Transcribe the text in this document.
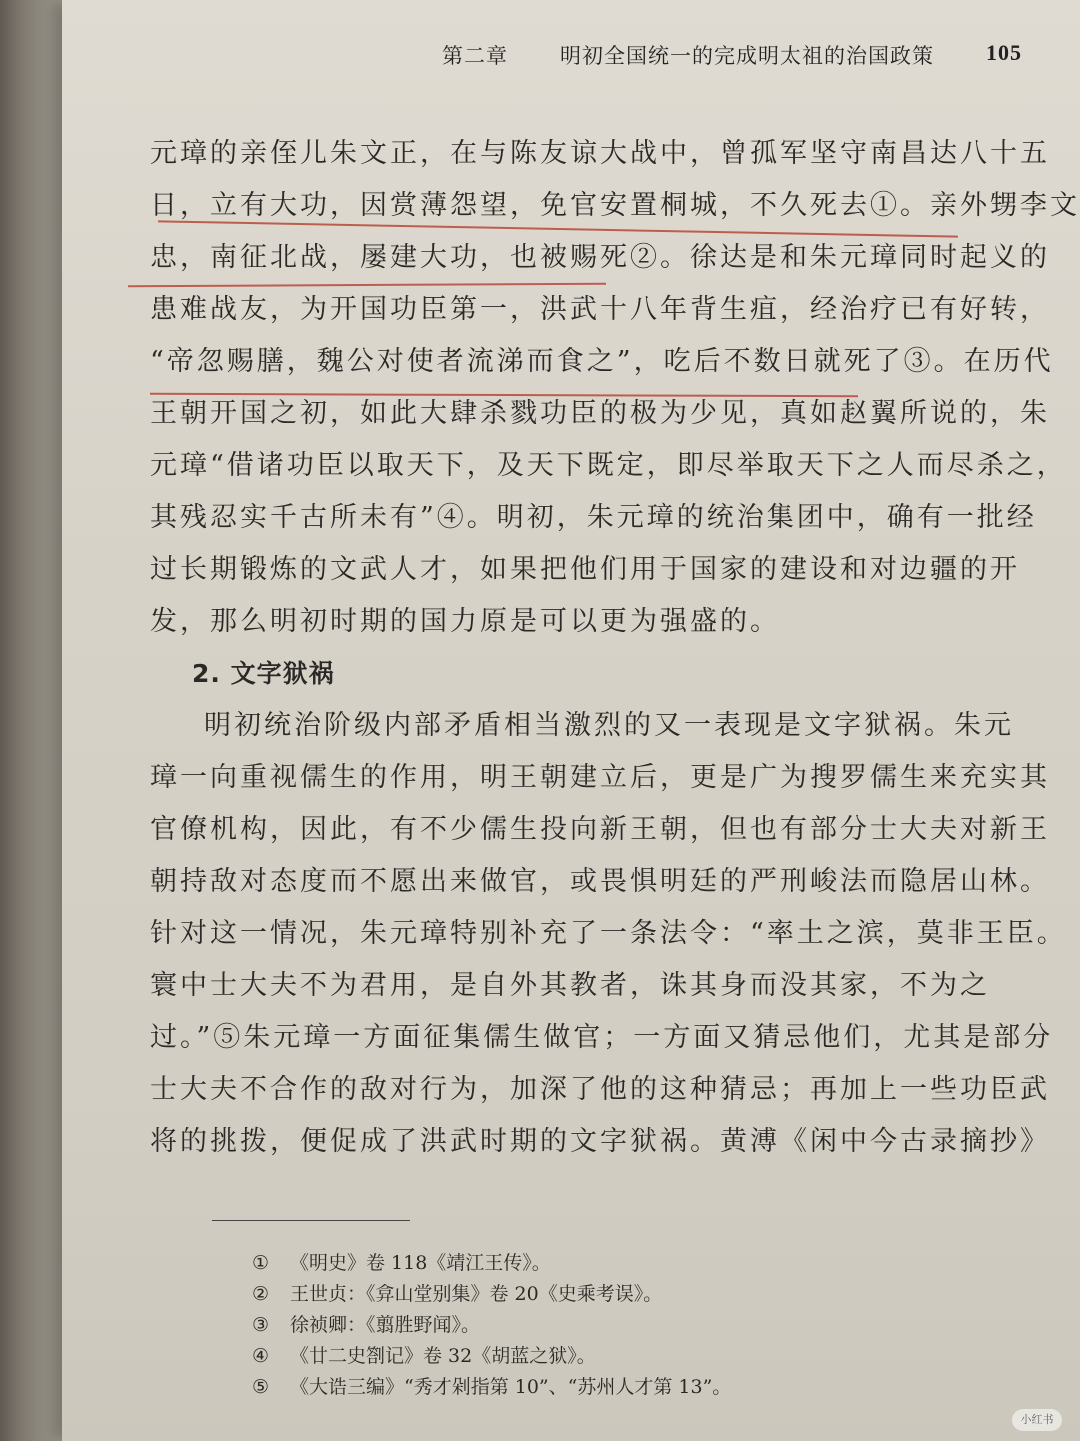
第二章 明初全国统一的完成明太祖的治国政策 105
元璋的亲侄儿朱文正，在与陈友谅大战中，曾孤军坚守南昌达八十五
日，立有大功，因赏薄怨望，免官安置桐城，不久死去①。亲外甥李文
忠，南征北战，屡建大功，也被赐死②。徐达是和朱元璋同时起义的
患难战友，为开国功臣第一，洪武十八年背生疽，经治疗已有好转，
“帝忽赐膳，魏公对使者流涕而食之”，吃后不数日就死了③。在历代
王朝开国之初，如此大肆杀戮功臣的极为少见，真如赵翼所说的，朱
元璋“借诸功臣以取天下，及天下既定，即尽举取天下之人而尽杀之，
其残忍实千古所未有”④。明初，朱元璋的统治集团中，确有一批经
过长期锻炼的文武人才，如果把他们用于国家的建设和对边疆的开
发，那么明初时期的国力原是可以更为强盛的。
2. 文字狱祸
明初统治阶级内部矛盾相当激烈的又一表现是文字狱祸。朱元
璋一向重视儒生的作用，明王朝建立后，更是广为搜罗儒生来充实其
官僚机构，因此，有不少儒生投向新王朝，但也有部分士大夫对新王
朝持敌对态度而不愿出来做官，或畏惧明廷的严刑峻法而隐居山林。
针对这一情况，朱元璋特别补充了一条法令：“率土之滨，莫非王臣。
寰中士大夫不为君用，是自外其教者，诛其身而没其家，不为之
过。”⑤朱元璋一方面征集儒生做官；一方面又猜忌他们，尤其是部分
士大夫不合作的敌对行为，加深了他的这种猜忌；再加上一些功臣武
将的挑拨，便促成了洪武时期的文字狱祸。黄溥《闲中今古录摘抄》
①	《明史》卷 118《靖江王传》。
②	王世贞：《弇山堂别集》卷 20《史乘考误》。
③	徐祯卿：《翦胜野闻》。
④	《廿二史劄记》卷 32《胡蓝之狱》。
⑤	《大诰三编》“秀才剁指第 10”、“苏州人才第 13”。
小红书
